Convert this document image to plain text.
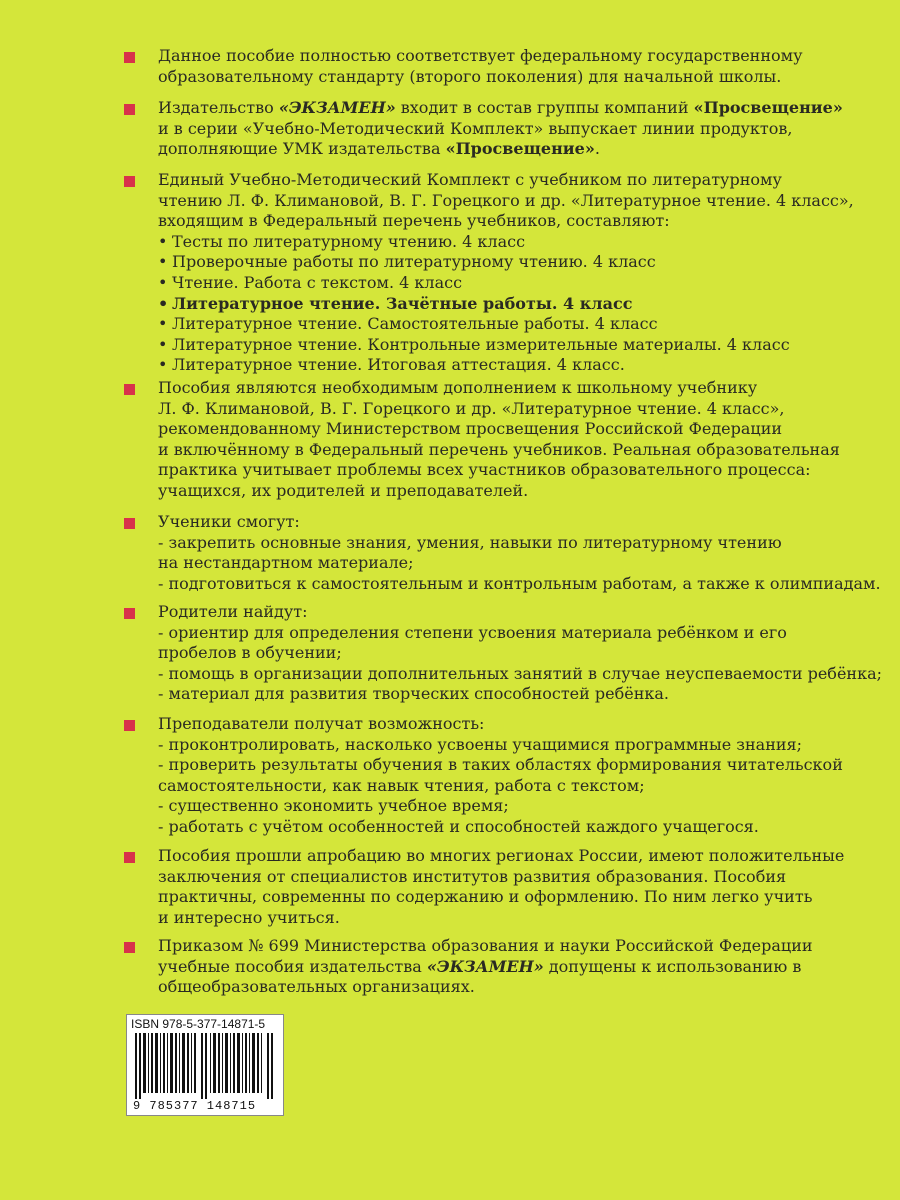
Данное пособие полностью соответствует федеральному государственному
образовательному стандарту (второго поколения) для начальной школы.
Издательство «ЭКЗАМЕН» входит в состав группы компаний «Просвещение»
и в серии «Учебно-Методический Комплект» выпускает линии продуктов,
дополняющие УМК издательства «Просвещение».
Единый Учебно-Методический Комплект с учебником по литературному
чтению Л. Ф. Климановой, В. Г. Горецкого и др. «Литературное чтение. 4 класс»,
входящим в Федеральный перечень учебников, составляют:
• Тесты по литературному чтению. 4 класс
• Проверочные работы по литературному чтению. 4 класс
• Чтение. Работа с текстом. 4 класс
• Литературное чтение. Зачётные работы. 4 класс
• Литературное чтение. Самостоятельные работы. 4 класс
• Литературное чтение. Контрольные измерительные материалы. 4 класс
• Литературное чтение. Итоговая аттестация. 4 класс.
Пособия являются необходимым дополнением к школьному учебнику
Л. Ф. Климановой, В. Г. Горецкого и др. «Литературное чтение. 4 класс»,
рекомендованному Министерством просвещения Российской Федерации
и включённому в Федеральный перечень учебников. Реальная образовательная
практика учитывает проблемы всех участников образовательного процесса:
учащихся, их родителей и преподавателей.
Ученики смогут:
- закрепить основные знания, умения, навыки по литературному чтению
на нестандартном материале;
- подготовиться к самостоятельным и контрольным работам, а также к олимпиадам.
Родители найдут:
- ориентир для определения степени усвоения материала ребёнком и его
пробелов в обучении;
- помощь в организации дополнительных занятий в случае неуспеваемости ребёнка;
- материал для развития творческих способностей ребёнка.
Преподаватели получат возможность:
- проконтролировать, насколько усвоены учащимися программные знания;
- проверить результаты обучения в таких областях формирования читательской
самостоятельности, как навык чтения, работа с текстом;
- существенно экономить учебное время;
- работать с учётом особенностей и способностей каждого учащегося.
Пособия прошли апробацию во многих регионах России, имеют положительные
заключения от специалистов институтов развития образования. Пособия
практичны, современны по содержанию и оформлению. По ним легко учить
и интересно учиться.
Приказом № 699 Министерства образования и науки Российской Федерации
учебные пособия издательства «ЭКЗАМЕН» допущены к использованию в
общеобразовательных организациях.
ISBN 978-5-377-14871-5
9 785377 148715
